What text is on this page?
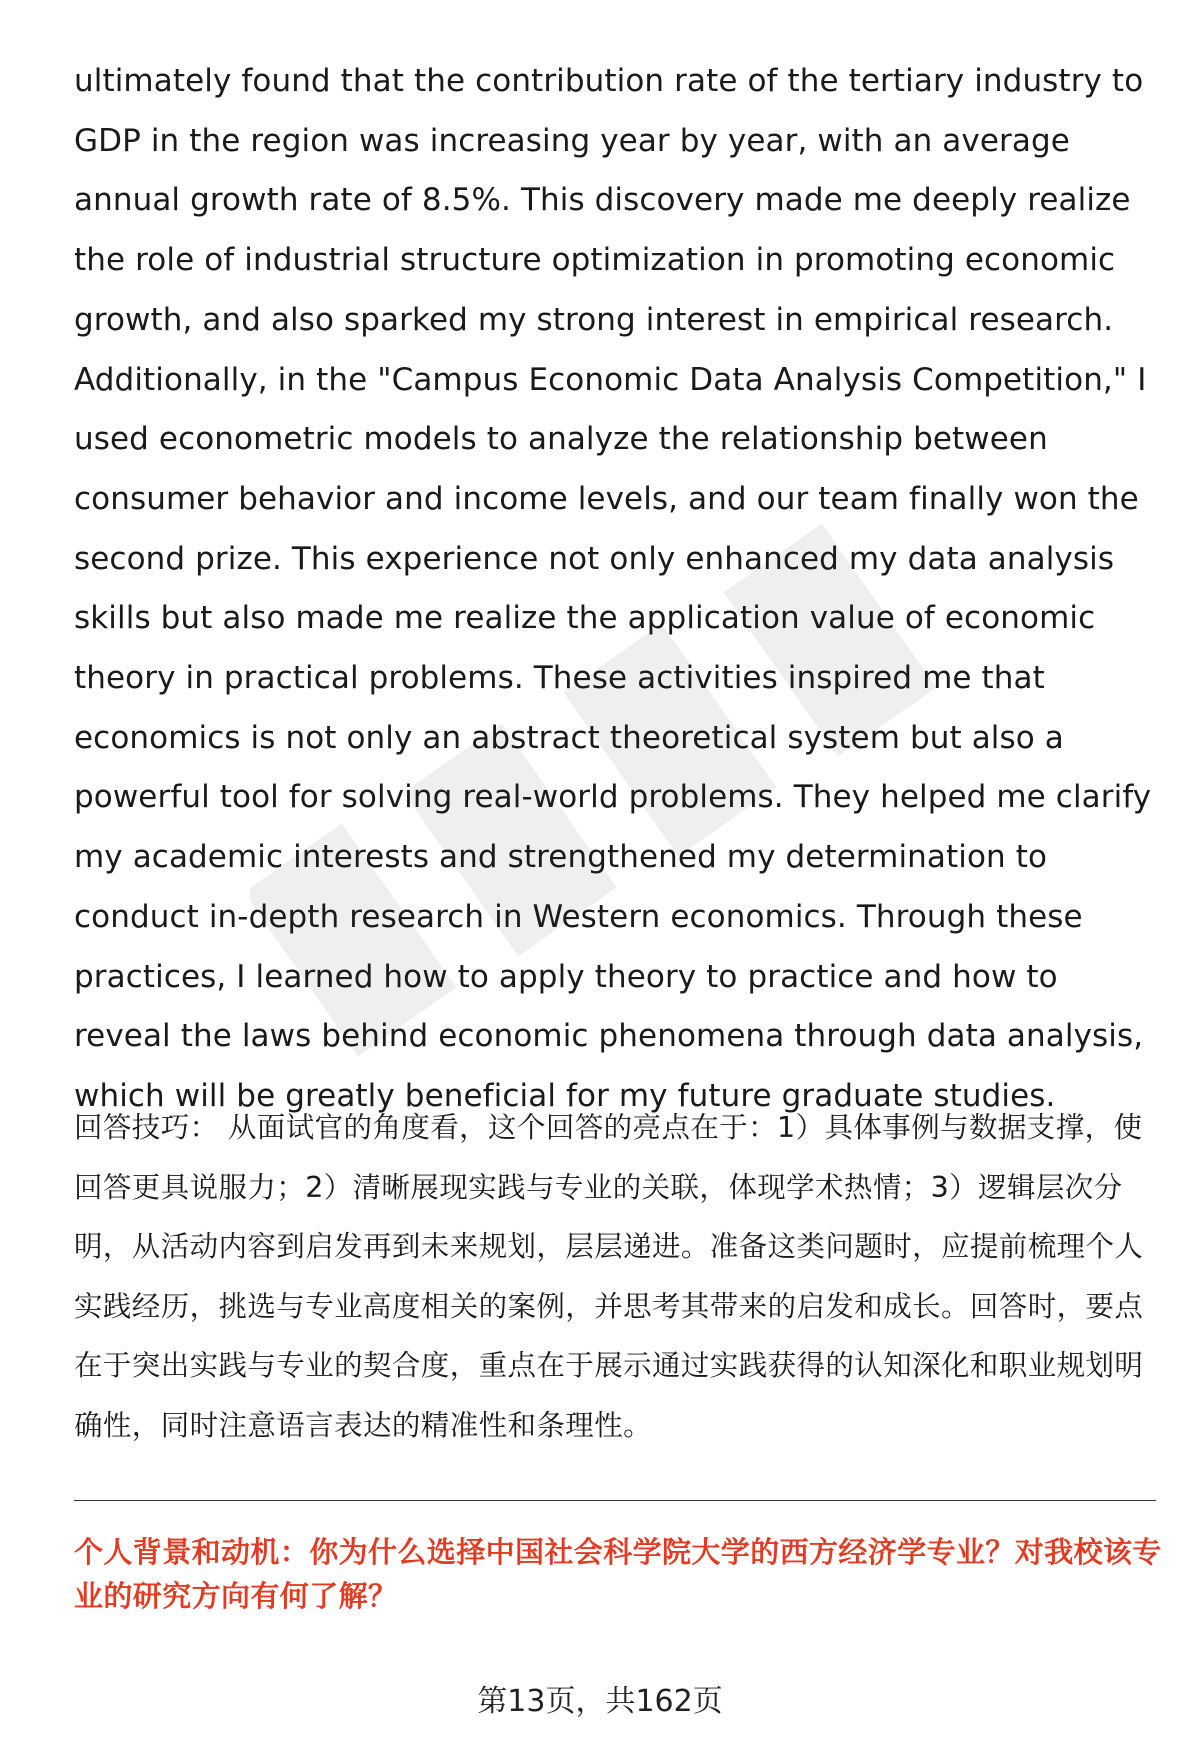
ultimately found that the contribution rate of the tertiary industry to GDP in the region was increasing year by year, with an average annual growth rate of 8.5%. This discovery made me deeply realize the role of industrial structure optimization in promoting economic growth, and also sparked my strong interest in empirical research. Additionally, in the "Campus Economic Data Analysis Competition," I used econometric models to analyze the relationship between consumer behavior and income levels, and our team finally won the second prize. This experience not only enhanced my data analysis skills but also made me realize the application value of economic theory in practical problems. These activities inspired me that economics is not only an abstract theoretical system but also a powerful tool for solving real-world problems. They helped me clarify my academic interests and strengthened my determination to conduct in-depth research in Western economics. Through these practices, I learned how to apply theory to practice and how to reveal the laws behind economic phenomena through data analysis, which will be greatly beneficial for my future graduate studies.
回答技巧： 从面试官的角度看，这个回答的亮点在于：1）具体事例与数据支撑，使回答更具说服力；2）清晰展现实践与专业的关联，体现学术热情；3）逻辑层次分明，从活动内容到启发再到未来规划，层层递进。准备这类问题时，应提前梳理个人实践经历，挑选与专业高度相关的案例，并思考其带来的启发和成长。回答时，要点在于突出实践与专业的契合度，重点在于展示通过实践获得的认知深化和职业规划明确性，同时注意语言表达的精准性和条理性。
个人背景和动机：你为什么选择中国社会科学院大学的西方经济学专业？对我校该专业的研究方向有何了解？
第13页，共162页
